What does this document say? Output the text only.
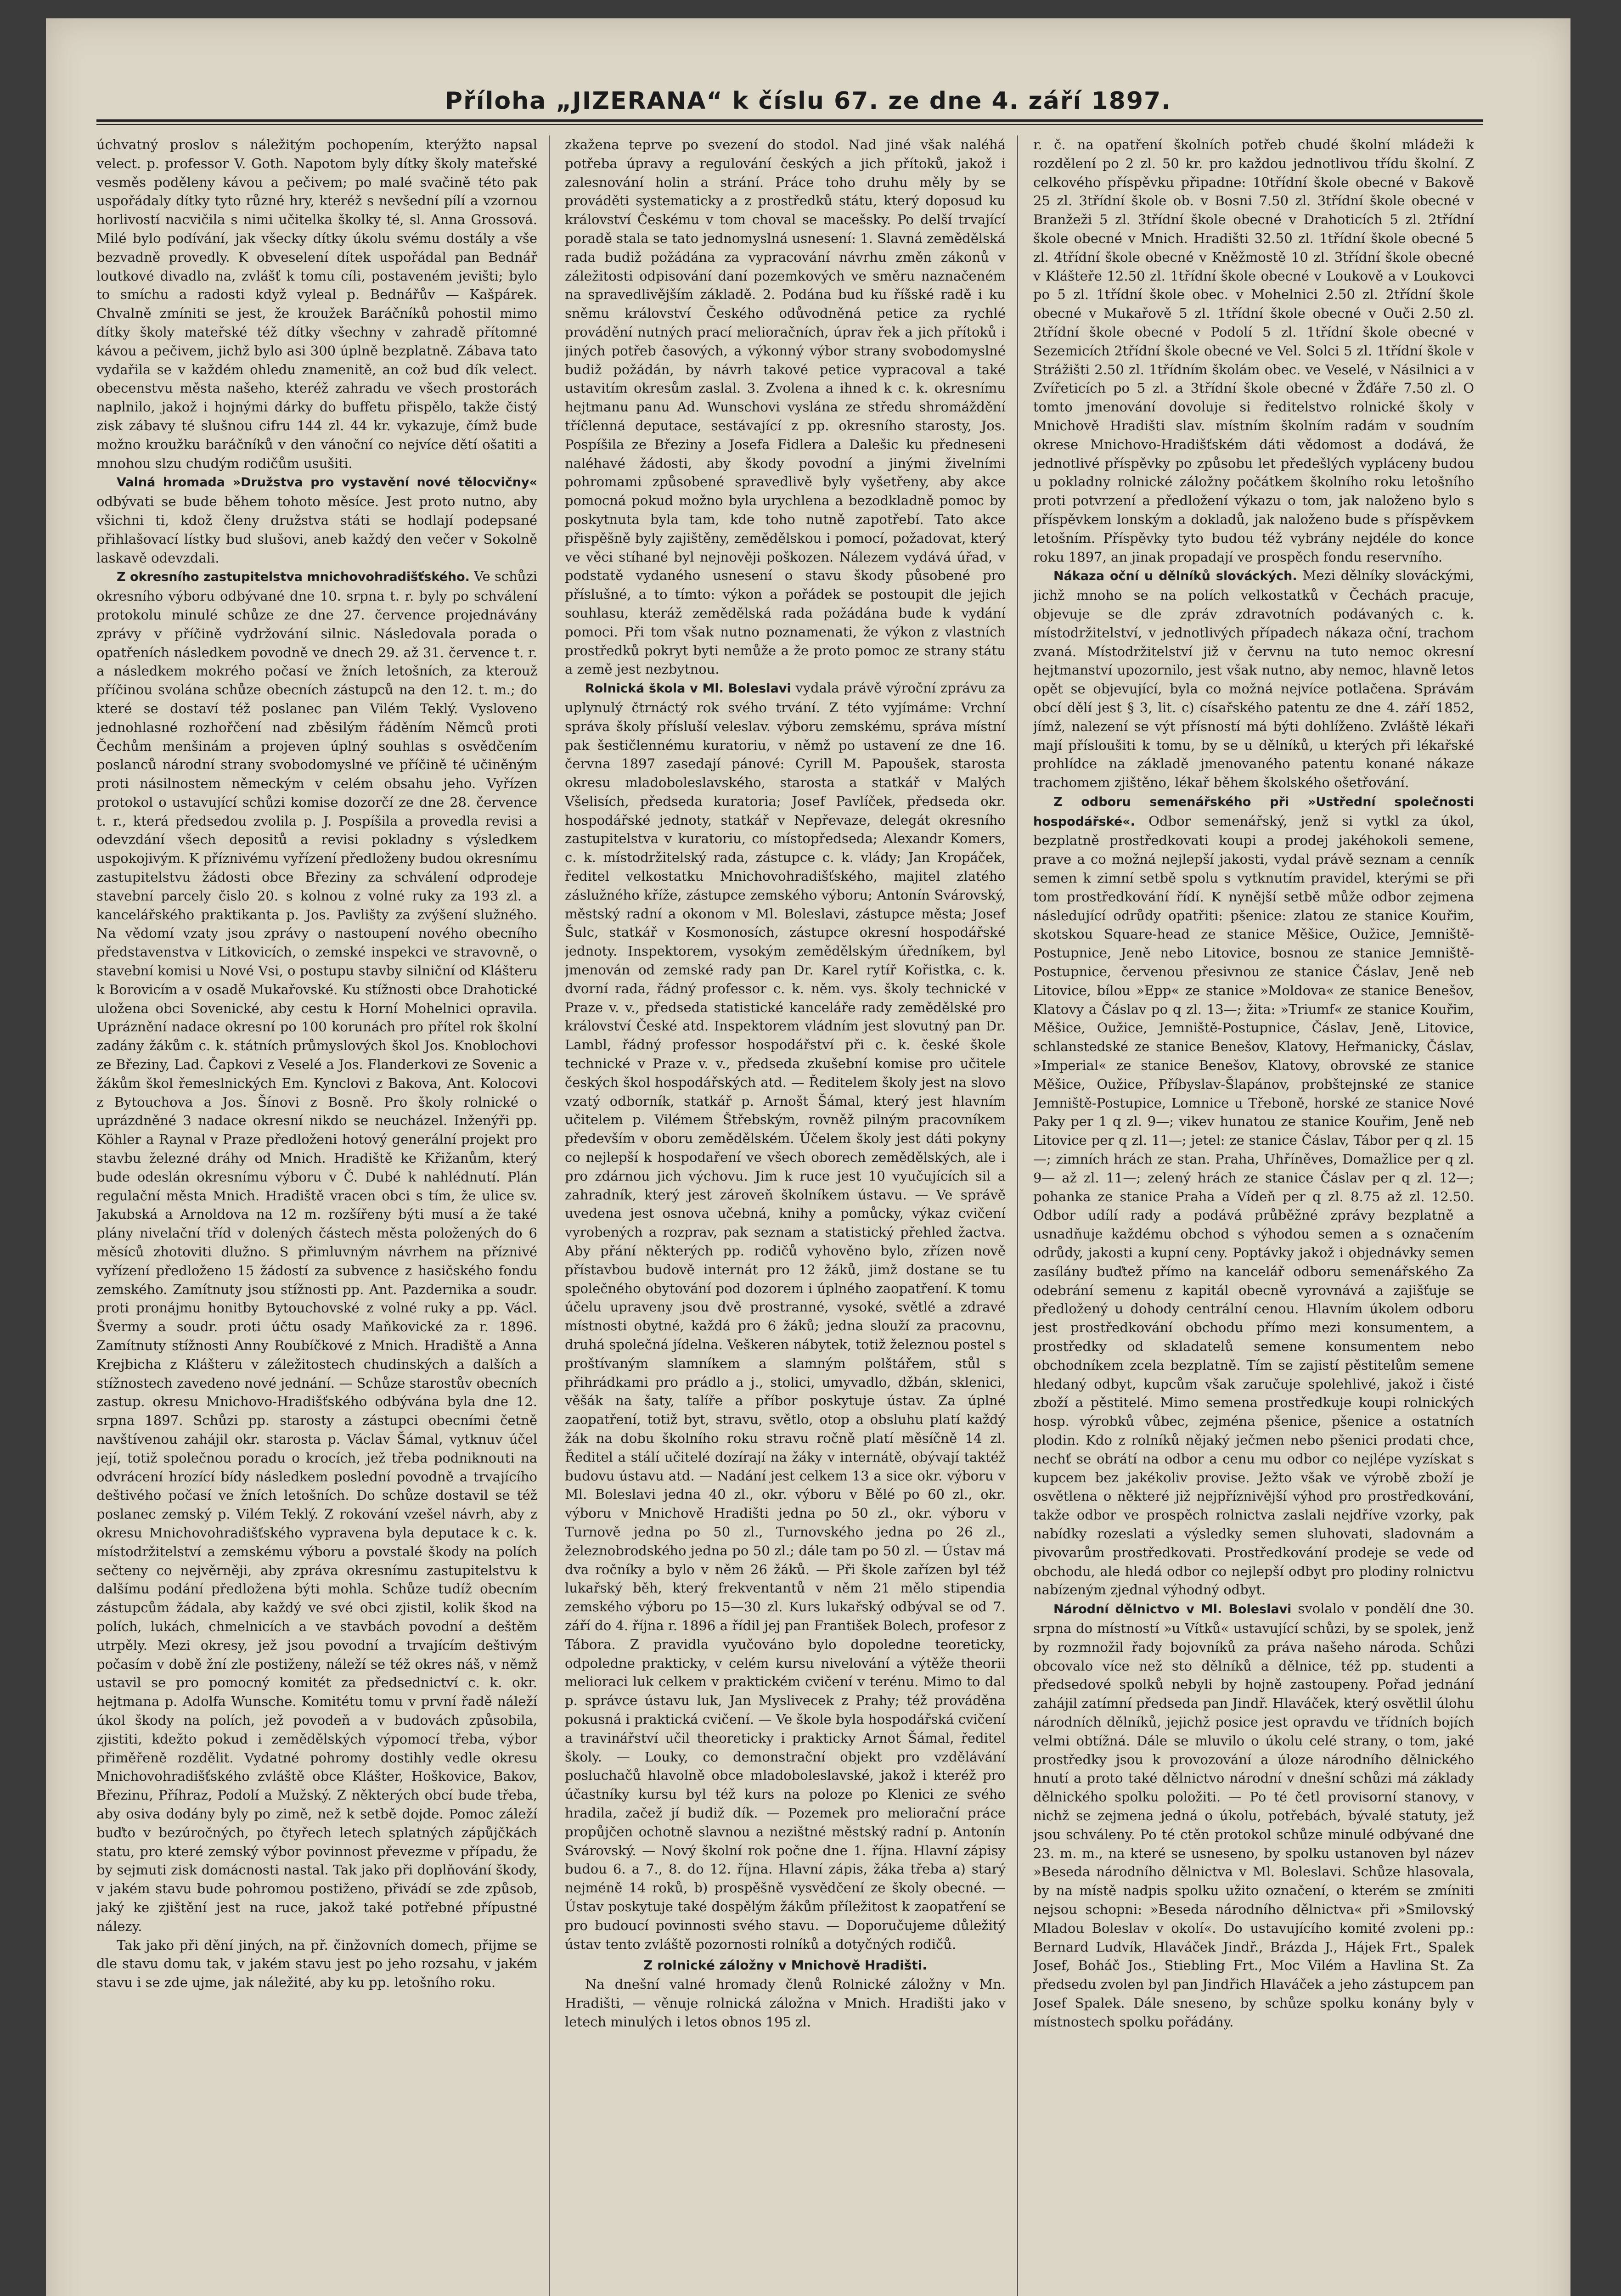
Příloha „JIZERANA“ k číslu 67. ze dne 4. září 1897.

úchvatný proslov s náležitým pochopením, kterýžto napsal velect. p. professor V. Goth. Napotom byly dítky školy mateřské vesměs poděleny kávou a pečivem; po malé svačině této pak uspořádaly dítky tyto různé hry, kteréž s nevšední pílí a vzornou horlivostí nacvičila s nimi učitelka školky té, sl. Anna Grossová. Milé bylo podívání, jak všecky dítky úkolu svému dostály a vše bezvadně provedly. K obveselení dítek uspořádal pan Bednář loutkové divadlo na, zvlášť k tomu cíli, postaveném jevišti; bylo to smíchu a radosti když vyleal p. Bednářův — Kašpárek. Chvalně zmíniti se jest, že kroužek Baráčníků pohostil mimo dítky školy mateřské též dítky všechny v zahradě přítomné kávou a pečivem, jichž bylo asi 300 úplně bezplatně. Zábava tato vydařila se v každém ohledu znamenitě, an což bud dík velect. obecenstvu města našeho, kteréž zahradu ve všech prostorách naplnilo, jakož i hojnými dárky do buffetu přispělo, takže čistý zisk zábavy té slušnou cifru 144 zl. 44 kr. vykazuje, čímž bude možno kroužku baráčníků v den vánoční co nejvíce dětí ošatiti a mnohou slzu chudým rodičům usušiti.

Valná hromada »Družstva pro vystavění nové tělocvičny« odbývati se bude během tohoto měsíce. Jest proto nutno, aby všichni ti, kdož členy družstva státi se hodlají podepsané přihlašovací lístky bud slušovi, aneb každý den večer v Sokolně laskavě odevzdali.

Z okresního zastupitelstva mnichovohradišťského. Ve schůzi okresního výboru odbývané dne 10. srpna t. r. byly po schválení protokolu minulé schůze ze dne 27. července projednávány zprávy v příčině vydržování silnic. Následovala porada o opatřeních následkem povodně ve dnech 29. až 31. července t. r. a následkem mokrého počasí ve žních letošních, za kterouž příčinou svolána schůze obecních zástupců na den 12. t. m.; do které se dostaví též poslanec pan Vilém Teklý. Vysloveno jednohlasné rozhořčení nad zběsilým řáděním Němců proti Čechům menšinám a projeven úplný souhlas s osvědčením poslanců národní strany svobodomyslné ve příčině té učiněným proti násilnostem německým v celém obsahu jeho. Vyřízen protokol o ustavující schůzi komise dozorčí ze dne 28. července t. r., která předsedou zvolila p. J. Pospíšila a provedla revisi a odevzdání všech depositů a revisi pokladny s výsledkem uspokojivým. K příznivému vyřízení předloženy budou okresnímu zastupitelstvu žádosti obce Březiny za schválení odprodeje stavební parcely čislo 20. s kolnou z volné ruky za 193 zl. a kancelářského praktikanta p. Jos. Pavlišty za zvýšení služného. Na vědomí vzaty jsou zprávy o nastoupení nového obecního představenstva v Litkovicích, o zemské inspekci ve stravovně, o stavební komisi u Nové Vsi, o postupu stavby silniční od Klášteru k Borovicím a v osadě Mukařovské. Ku stížnosti obce Drahotické uložena obci Sovenické, aby cestu k Horní Mohelnici opravila. Upráznění nadace okresní po 100 korunách pro přítel rok školní zadány žákům c. k. státních průmyslových škol Jos. Knoblochovi ze Březiny, Lad. Čapkovi z Veselé a Jos. Flanderkovi ze Sovenic a žákům škol řemeslnických Em. Kynclovi z Bakova, Ant. Kolocovi z Bytouchova a Jos. Šínovi z Bosně. Pro školy rolnické o uprázdněné 3 nadace okresní nikdo se neucházel. Inženýři pp. Köhler a Raynal v Praze předloženi hotový generální projekt pro stavbu železné dráhy od Mnich. Hradiště ke Křižanům, který bude odeslán okresnímu výboru v Č. Dubé k nahlédnutí. Plán regulační města Mnich. Hradiště vracen obci s tím, že ulice sv. Jakubská a Arnoldova na 12 m. rozšířeny býti musí a že také plány nivelační tříd v dolených částech města položených do 6 měsíců zhotoviti dlužno. S přimluvným návrhem na příznivé vyřízení předloženo 15 žádostí za subvence z hasičského fondu zemského. Zamítnuty jsou stížnosti pp. Ant. Pazdernika a soudr. proti pronájmu honitby Bytouchovské z volné ruky a pp. Václ. Švermy a soudr. proti účtu osady Maňkovické za r. 1896. Zamítnuty stížnosti Anny Roubíčkové z Mnich. Hradiště a Anna Krejbicha z Klášteru v záležitostech chudinských a dalších a stížnostech zavedeno nové jednání. — Schůze starostův obecních zastup. okresu Mnichovo-Hradišťského odbývána byla dne 12. srpna 1897. Schůzi pp. starosty a zástupci obecními četně navštívenou zahájil okr. starosta p. Václav Šámal, vytknuv účel její, totiž společnou poradu o krocích, jež třeba podniknouti na odvrácení hrozící bídy následkem poslední povodně a trvajícího deštivého počasí ve žních letošních. Do schůze dostavil se též poslanec zemský p. Vilém Teklý. Z rokování vzešel návrh, aby z okresu Mnichovohradišťského vypravena byla deputace k c. k. místodržitelství a zemskému výboru a povstalé škody na polích sečteny co nejvěrněji, aby zpráva okresnímu zastupitelstvu k dalšímu podání předložena býti mohla. Schůze tudíž obecním zástupcům žádala, aby každý ve své obci zjistil, kolik škod na polích, lukách, chmelnicích a ve stavbách povodní a deštěm utrpěly. Mezi okresy, jež jsou povodní a trvajícím deštivým počasím v době žní zle postiženy, náleží se též okres náš, v němž ustavil se pro pomocný komitét za předsednictví c. k. okr. hejtmana p. Adolfa Wunsche. Komitétu tomu v první řadě náleží úkol škody na polích, jež povodeň a v budovách způsobila, zjistiti, kdežto pokud i zemědělských výpomocí třeba, výbor přiměřeně rozdělit. Vydatné pohromy dostihly vedle okresu Mnichovohradišťského zvláště obce Klášter, Hoškovice, Bakov, Březinu, Příhraz, Podolí a Mužský. Z některých obcí bude třeba, aby osiva dodány byly po zimě, než k setbě dojde. Pomoc záleží buďto v bezúročných, po čtyřech letech splatných zápůjčkách statu, pro které zemský výbor povinnost převezme v případu, že by sejmuti zisk domácnosti nastal. Tak jako při doplňování škody, v jakém stavu bude pohromou postiženo, přivádí se zde způsob, jaký ke zjištění jest na ruce, jakož také potřebné přípustné nálezy.

Tak jako při dění jiných, na př. činžovních domech, přijme se dle stavu domu tak, v jakém stavu jest po jeho rozsahu, v jakém stavu i se zde ujme, jak náležité, aby ku pp. letošního roku.

zkažena teprve po svezení do stodol. Nad jiné však naléhá potřeba úpravy a regulování českých a jich přítoků, jakož i zalesnování holin a strání. Práce toho druhu měly by se prováděti systematicky a z prostředků státu, který doposud ku království Českému v tom choval se macešsky. Po delší trvající poradě stala se tato jednomyslná usnesení: 1. Slavná zemědělská rada budiž požádána za vypracování návrhu změn zákonů v záležitosti odpisování daní pozemkových ve směru naznačeném na spravedlivějším základě. 2. Podána bud ku říšské radě i ku sněmu království Českého odůvodněná petice za rychlé provádění nutných prací melioračních, úprav řek a jich přítoků i jiných potřeb časových, a výkonný výbor strany svobodomyslné budiž požádán, by návrh takové petice vypracoval a také ustavitím okresům zaslal. 3. Zvolena a ihned k c. k. okresnímu hejtmanu panu Ad. Wunschovi vyslána ze středu shromáždění tříčlenná deputace, sestávající z pp. okresního starosty, Jos. Pospíšila ze Březiny a Josefa Fidlera a Dalešic ku předneseni naléhavé žádosti, aby škody povodní a jinými živelními pohromami způsobené spravedlivě byly vyšetřeny, aby akce pomocná pokud možno byla urychlena a bezodkladně pomoc by poskytnuta byla tam, kde toho nutně zapotřebí. Tato akce přispěšně byly zajištěny, zemědělskou i pomocí, požadovat, který ve věci stíhané byl nejnověji poškozen. Nálezem vydává úřad, v podstatě vydaného usnesení o stavu škody působené pro příslušné, a to tímto: výkon a pořádek se postoupit dle jejich souhlasu, kteráž zemědělská rada požádána bude k vydání pomoci. Při tom však nutno poznamenati, že výkon z vlastních prostředků pokryt byti nemůže a že proto pomoc ze strany státu a země jest nezbytnou.

Rolnická škola v Ml. Boleslavi vydala právě výroční zprávu za uplynulý čtrnáctý rok svého trvání. Z této vyjímáme: Vrchní správa školy přísluší veleslav. výboru zemskému, správa místní pak šestičlennému kuratoriu, v němž po ustavení ze dne 16. června 1897 zasedají pánové: Cyrill M. Papoušek, starosta okresu mladoboleslavského, starosta a statkář v Malých Všelisích, předseda kuratoria; Josef Pavlíček, předseda okr. hospodářské jednoty, statkář v Nepřevaze, delegát okresního zastupitelstva v kuratoriu, co místopředseda; Alexandr Komers, c. k. místodržitelský rada, zástupce c. k. vlády; Jan Kropáček, ředitel velkostatku Mnichovohradišťského, majitel zlatého záslužného kříže, zástupce zemského výboru; Antonín Svárovský, městský radní a okonom v Ml. Boleslavi, zástupce města; Josef Šulc, statkář v Kosmonosích, zástupce okresní hospodářské jednoty. Inspektorem, vysokým zemědělským úředníkem, byl jmenován od zemské rady pan Dr. Karel rytíř Kořistka, c. k. dvorní rada, řádný professor c. k. něm. vys. školy technické v Praze v. v., předseda statistické kanceláře rady zemědělské pro království České atd. Inspektorem vládním jest slovutný pan Dr. Lambl, řádný professor hospodářství při c. k. české škole technické v Praze v. v., předseda zkušební komise pro učitele českých škol hospodářských atd. — Ředitelem školy jest na slovo vzatý odborník, statkář p. Arnošt Šámal, který jest hlavním učitelem p. Vilémem Štřebským, rovněž pilným pracovníkem především v oboru zemědělském. Účelem školy jest dáti pokyny co nejlepší k hospodaření ve všech oborech zemědělských, ale i pro zdárnou jich výchovu. Jim k ruce jest 10 vyučujících sil a zahradník, který jest zároveň školníkem ústavu. — Ve správě uvedena jest osnova učebná, knihy a pomůcky, výkaz cvičení vyrobených a rozprav, pak seznam a statistický přehled žactva. Aby přání některých pp. rodičů vyhověno bylo, zřízen nově přístavbou budově internát pro 12 žáků, jimž dostane se tu společného obytování pod dozorem i úplného zaopatření. K tomu účelu upraveny jsou dvě prostranné, vysoké, světlé a zdravé místnosti obytné, každá pro 6 žáků; jedna slouží za pracovnu, druhá společná jídelna. Veškeren nábytek, totiž železnou postel s proštívaným slamníkem a slamným polštářem, stůl s přihrádkami pro prádlo a j., stolici, umyvadlo, džbán, sklenici, věšák na šaty, talíře a příbor poskytuje ústav. Za úplné zaopatření, totiž byt, stravu, světlo, otop a obsluhu platí každý žák na dobu školního roku stravu ročně platí měsíčně 14 zl. Ředitel a stálí učitelé dozírají na žáky v internátě, obývají taktéž budovu ústavu atd. — Nadání jest celkem 13 a sice okr. výboru v Ml. Boleslavi jedna 40 zl., okr. výboru v Bělé po 60 zl., okr. výboru v Mnichově Hradišti jedna po 50 zl., okr. výboru v Turnově jedna po 50 zl., Turnovského jedna po 26 zl., železnobrodského jedna po 50 zl.; dále tam po 50 zl. — Ústav má dva ročníky a bylo v něm 26 žáků. — Při škole zařízen byl též lukařský běh, který frekventantů v něm 21 mělo stipendia zemského výboru po 15—30 zl. Kurs lukařský odbýval se od 7. září do 4. října r. 1896 a řídil jej pan František Bolech, profesor z Tábora. Z pravidla vyučováno bylo dopoledne teoreticky, odpoledne prakticky, v celém kursu nivelování a výtěže theorii melioraci luk celkem v praktickém cvičení v terénu. Mimo to dal p. správce ústavu luk, Jan Myslivecek z Prahy; též prováděna pokusná i praktická cvičení. — Ve škole byla hospodářská cvičení a travinářství učil theoreticky i prakticky Arnot Šámal, ředitel školy. — Louky, co demonstrační objekt pro vzdělávání posluchačů hlavolně obce mladoboleslavské, jakož i kteréž pro účastníky kursu byl též kurs na poloze po Klenici ze svého hradila, začež jí budiž dík. — Pozemek pro meliorační práce propůjčen ochotně slavnou a nezištné městský radní p. Antonín Svárovský. — Nový školní rok počne dne 1. října. Hlavní zápisy budou 6. a 7., 8. do 12. října. Hlavní zápis, žáka třeba a) starý nejméně 14 roků, b) prospěšně vysvědčení ze školy obecné. — Ústav poskytuje také dospělým žákům příležitost k zaopatření se pro budoucí povinnosti svého stavu. — Doporučujeme důležitý ústav tento zvláště pozornosti rolníků a dotyčných rodičů.

Z rolnické záložny v Mnichově Hradišti.

Na dnešní valné hromady členů Rolnické záložny v Mn. Hradišti, — věnuje rolnická záložna v Mnich. Hradišti jako v letech minulých i letos obnos 195 zl.

r. č. na opatření školních potřeb chudé školní mládeži k rozdělení po 2 zl. 50 kr. pro každou jednotlivou třídu školní. Z celkového příspěvku připadne: 10třídní škole obecné v Bakově 25 zl. 3třídní škole ob. v Bosni 7.50 zl. 3třídní škole obecné v Branžeži 5 zl. 3třídní škole obecné v Drahoticích 5 zl. 2třídní škole obecné v Mnich. Hradišti 32.50 zl. 1třídní škole obecné 5 zl. 4třídní škole obecné v Kněžmostě 10 zl. 3třídní škole obecné v Klášteře 12.50 zl. 1třídní škole obecné v Loukově a v Loukovci po 5 zl. 1třídní škole obec. v Mohelnici 2.50 zl. 2třídní škole obecné v Mukařově 5 zl. 1třídní škole obecné v Ouči 2.50 zl. 2třídní škole obecné v Podolí 5 zl. 1třídní škole obecné v Sezemicích 2třídní škole obecné ve Vel. Solci 5 zl. 1třídní škole v Strážišti 2.50 zl. 1třídním školám obec. ve Veselé, v Násilnici a v Zvířeticích po 5 zl. a 3třídní škole obecné v Žďáře 7.50 zl. O tomto jmenování dovoluje si ředitelstvo rolnické školy v Mnichově Hradišti slav. místním školním radám v soudním okrese Mnichovo-Hradišťském dáti vědomost a dodává, že jednotlivé příspěvky po způsobu let předešlých vypláceny budou u pokladny rolnické záložny počátkem školního roku letošního proti potvrzení a předložení výkazu o tom, jak naloženo bylo s příspěvkem lonským a dokladů, jak naloženo bude s příspěvkem letošním. Příspěvky tyto budou též vybrány nejdéle do konce roku 1897, an jinak propadají ve prospěch fondu reservního.

Nákaza oční u dělníků slováckých. Mezi dělníky slováckými, jichž mnoho se na polích velkostatků v Čechách pracuje, objevuje se dle zpráv zdravotních podávaných c. k. místodržitelství, v jednotlivých případech nákaza oční, trachom zvaná. Místodržitelství již v červnu na tuto nemoc okresní hejtmanství upozornilo, jest však nutno, aby nemoc, hlavně letos opět se objevující, byla co možná nejvíce potlačena. Správám obcí dělí jest § 3, lit. c) císařského patentu ze dne 4. září 1852, jímž, nalezení se výt přísností má býti dohlíženo. Zvláště lékaři mají přísloušiti k tomu, by se u dělníků, u kterých při lékařské prohlídce na základě jmenovaného patentu konané nákaze trachomem zjištěno, lékař během školského ošetřování.

Z odboru semenářského při »Ustřední společnosti hospodářské«. Odbor semenářský, jenž si vytkl za úkol, bezplatně prostředkovati koupi a prodej jakéhokoli semene, prave a co možná nejlepší jakosti, vydal právě seznam a cenník semen k zimní setbě spolu s vytknutím pravidel, kterými se při tom prostředkování řídí. K nynější setbě může odbor zejmena následující odrůdy opatřiti: pšenice: zlatou ze stanice Kouřim, skotskou Square-head ze stanice Měšice, Oužice, Jemniště-Postupnice, Jeně nebo Litovice, bosnou ze stanice Jemniště-Postupnice, červenou přesivnou ze stanice Čáslav, Jeně neb Litovice, bílou »Epp« ze stanice »Moldova« ze stanice Benešov, Klatovy a Čáslav po q zl. 13—; žita: »Triumf« ze stanice Kouřim, Měšice, Oužice, Jemniště-Postupnice, Čáslav, Jeně, Litovice, schlanstedské ze stanice Benešov, Klatovy, Heřmanicky, Čáslav, »Imperial« ze stanice Benešov, Klatovy, obrovské ze stanice Měšice, Oužice, Příbyslav-Šlapánov, probštejnské ze stanice Jemniště-Postupice, Lomnice u Třeboně, horské ze stanice Nové Paky per 1 q zl. 9—; vikev hunatou ze stanice Kouřim, Jeně neb Litovice per q zl. 11—; jetel: ze stanice Čáslav, Tábor per q zl. 15—; zimních hrách ze stan. Praha, Uhříněves, Domažlice per q zl. 9— až zl. 11—; zelený hrách ze stanice Čáslav per q zl. 12—; pohanka ze stanice Praha a Vídeň per q zl. 8.75 až zl. 12.50. Odbor udílí rady a podává průběžné zprávy bezplatně a usnadňuje každému obchod s výhodou semen a s označením odrůdy, jakosti a kupní ceny. Poptávky jakož i objednávky semen zasílány buďtež přímo na kancelář odboru semenářského Za odebrání semenu z kapitál obecně vyrovnává a zajišťuje se předložený u dohody centrální cenou. Hlavním úkolem odboru jest prostředkování obchodu přímo mezi konsumentem, a prostředky od skladatelů semene konsumentem nebo obchodníkem zcela bezplatně. Tím se zajistí pěstitelům semene hledaný odbyt, kupcům však zaručuje spolehlivé, jakož i čisté zboží a pěstitelé. Mimo semena prostředkuje koupi rolnických hosp. výrobků vůbec, zejména pšenice, pšenice a ostatních plodin. Kdo z rolníků nějaký ječmen nebo pšenici prodati chce, nechť se obrátí na odbor a cenu mu odbor co nejlépe vyzískat s kupcem bez jakékoliv provise. Ježto však ve výrobě zboží je osvětlena o některé již nejpříznivější výhod pro prostředkování, takže odbor ve prospěch rolnictva zaslali nejdříve vzorky, pak nabídky rozeslati a výsledky semen sluhovati, sladovnám a pivovarům prostředkovati. Prostředkování prodeje se vede od obchodu, ale hledá odbor co nejlepší odbyt pro plodiny rolnictvu nabízeným zjednal výhodný odbyt.

Národní dělnictvo v Ml. Boleslavi svolalo v pondělí dne 30. srpna do místností »u Vítků« ustavující schůzi, by se spolek, jenž by rozmnožil řady bojovníků za práva našeho národa. Schůzi obcovalo více než sto dělníků a dělnice, též pp. studenti a předsedové spolků nebyli by hojně zastoupeny. Pořad jednání zahájil zatímní předseda pan Jindř. Hlaváček, který osvětlil úlohu národních dělníků, jejichž posice jest opravdu ve třídních bojích velmi obtížná. Dále se mluvilo o úkolu celé strany, o tom, jaké prostředky jsou k provozování a úloze národního dělnického hnutí a proto také dělnictvo národní v dnešní schůzi má základy dělnického spolku položiti. — Po té četl provisorní stanovy, v nichž se zejmena jedná o úkolu, potřebách, bývalé statuty, jež jsou schváleny. Po té ctěn protokol schůze minulé odbývané dne 23. m. m., na které se usneseno, by spolku ustanoven byl název »Beseda národního dělnictva v Ml. Boleslavi. Schůze hlasovala, by na místě nadpis spolku užito označení, o kterém se zmíniti nejsou schopni: »Beseda národního dělnictva« při »Smilovský Mladou Boleslav v okolí«. Do ustavujícího komité zvoleni pp.: Bernard Ludvík, Hlaváček Jindř., Brázda J., Hájek Frt., Spalek Josef, Boháč Jos., Stiebling Frt., Moc Vilém a Havlina St. Za předsedu zvolen byl pan Jindřich Hlaváček a jeho zástupcem pan Josef Spalek. Dále sneseno, by schůze spolku konány byly v místnostech spolku pořádány.
